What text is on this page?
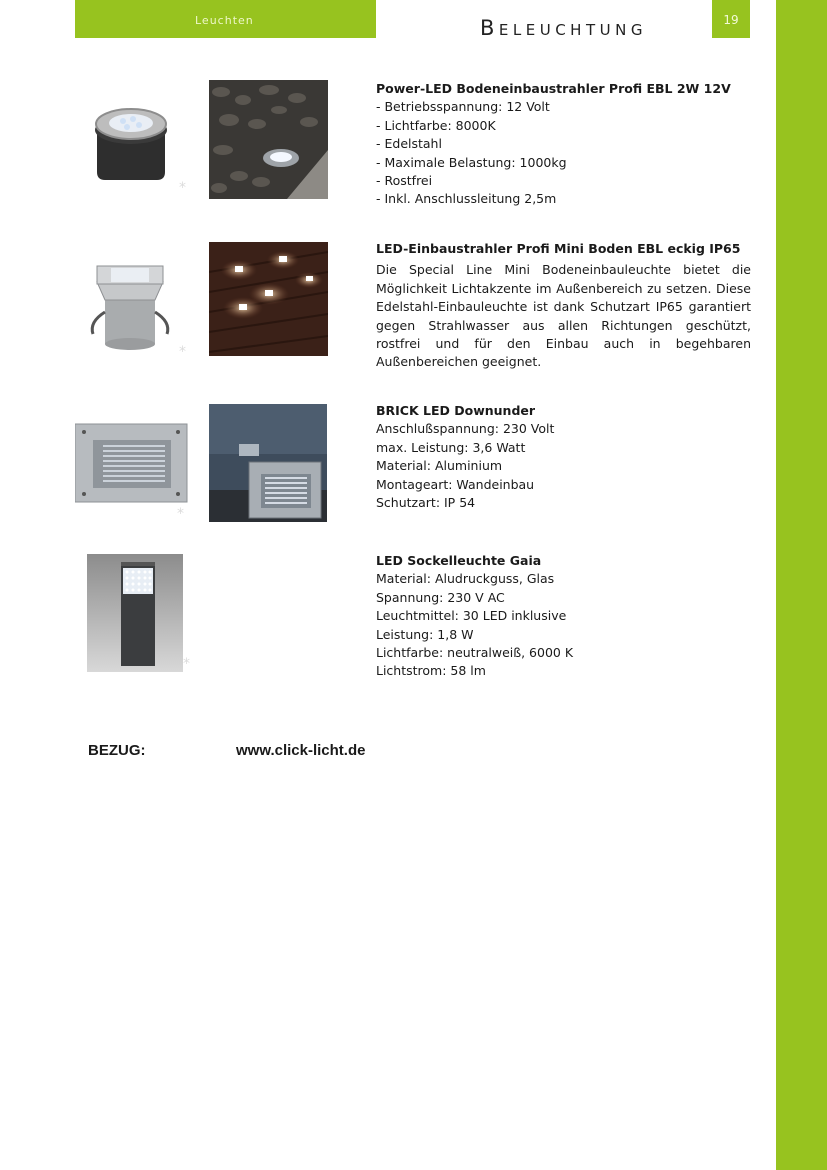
Leuchten	Beleuchtung	19
*
Power-LED Bodeneinbaustrahler Profi EBL 2W 12V
- Betriebsspannung: 12 Volt
- Lichtfarbe: 8000K
- Edelstahl
- Maximale Belastung: 1000kg
- Rostfrei
- Inkl. Anschlussleitung 2,5m
*
LED-Einbaustrahler Profi Mini Boden EBL eckig IP65
Die Special Line Mini Bodeneinbauleuchte bietet die Möglichkeit Lichtakzente im Außenbereich zu setzen. Diese Edelstahl-Einbauleuchte ist dank Schutzart IP65 garantiert gegen Strahlwasser aus allen Richtungen geschützt, rostfrei und für den Einbau auch in begehbaren Außenbereichen geeignet.
*
BRICK LED Downunder
Anschlußspannung: 230 Volt
max. Leistung: 3,6 Watt
Material: Aluminium
Montageart: Wandeinbau
Schutzart: IP 54
*
LED Sockelleuchte Gaia
Material: Aludruckguss, Glas
Spannung: 230 V AC
Leuchtmittel: 30 LED inklusive
Leistung: 1,8 W
Lichtfarbe: neutralweiß, 6000 K
Lichtstrom: 58 lm
BEZUG:	www.click-licht.de
